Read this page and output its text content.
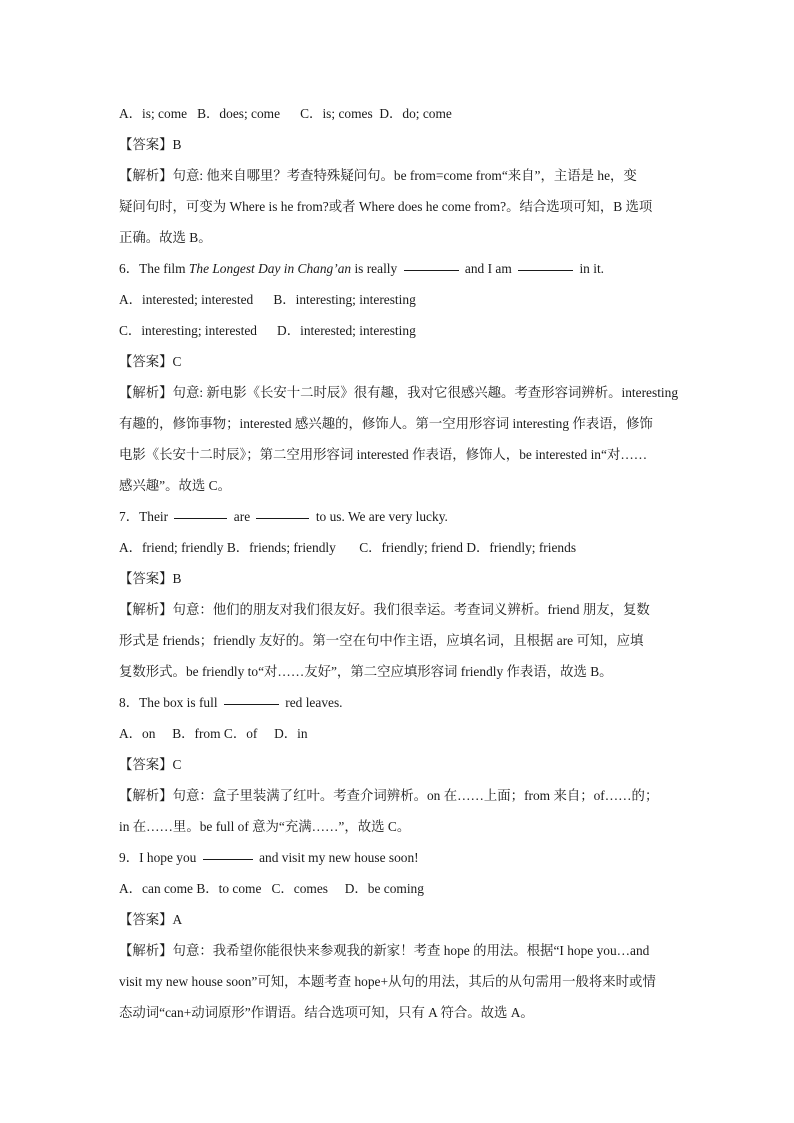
A．is; come   B．does; come      C．is; comes  D．do; come
【答案】B
【解析】句意: 他来自哪里？考查特殊疑问句。be from=come from“来自”，主语是 he，变
疑问句时，可变为 Where is he from?或者 Where does he come from?。结合选项可知，B 选项
正确。故选 B。
6．The film The Longest Day in Chang’an is really	and I am	in it.
A．interested; interested      B．interesting; interesting
C．interesting; interested      D．interested; interesting
【答案】C
【解析】句意: 新电影《长安十二时辰》很有趣，我对它很感兴趣。考查形容词辨析。interesting
有趣的，修饰事物；interested 感兴趣的，修饰人。第一空用形容词 interesting 作表语，修饰
电影《长安十二时辰》；第二空用形容词 interested 作表语，修饰人，be interested in“对……
感兴趣”。故选 C。
7．Their	are	to us. We are very lucky.
A．friend; friendly B．friends; friendly       C．friendly; friend D．friendly; friends
【答案】B
【解析】句意：他们的朋友对我们很友好。我们很幸运。考查词义辨析。friend 朋友，复数
形式是 friends；friendly 友好的。第一空在句中作主语，应填名词，且根据 are 可知，应填
复数形式。be friendly to“对……友好”，第二空应填形容词 friendly 作表语，故选 B。
8．The box is full	red leaves.
A．on     B．from C．of     D．in
【答案】C
【解析】句意：盒子里装满了红叶。考查介词辨析。on 在……上面；from 来自；of……的；
in 在……里。be full of 意为“充满……”，故选 C。
9．I hope you	and visit my new house soon!
A．can come B．to come   C．comes     D．be coming
【答案】A
【解析】句意：我希望你能很快来参观我的新家！考查 hope 的用法。根据“I hope you…and
visit my new house soon”可知，本题考查 hope+从句的用法，其后的从句需用一般将来时或情
态动词“can+动词原形”作谓语。结合选项可知，只有 A 符合。故选 A。
